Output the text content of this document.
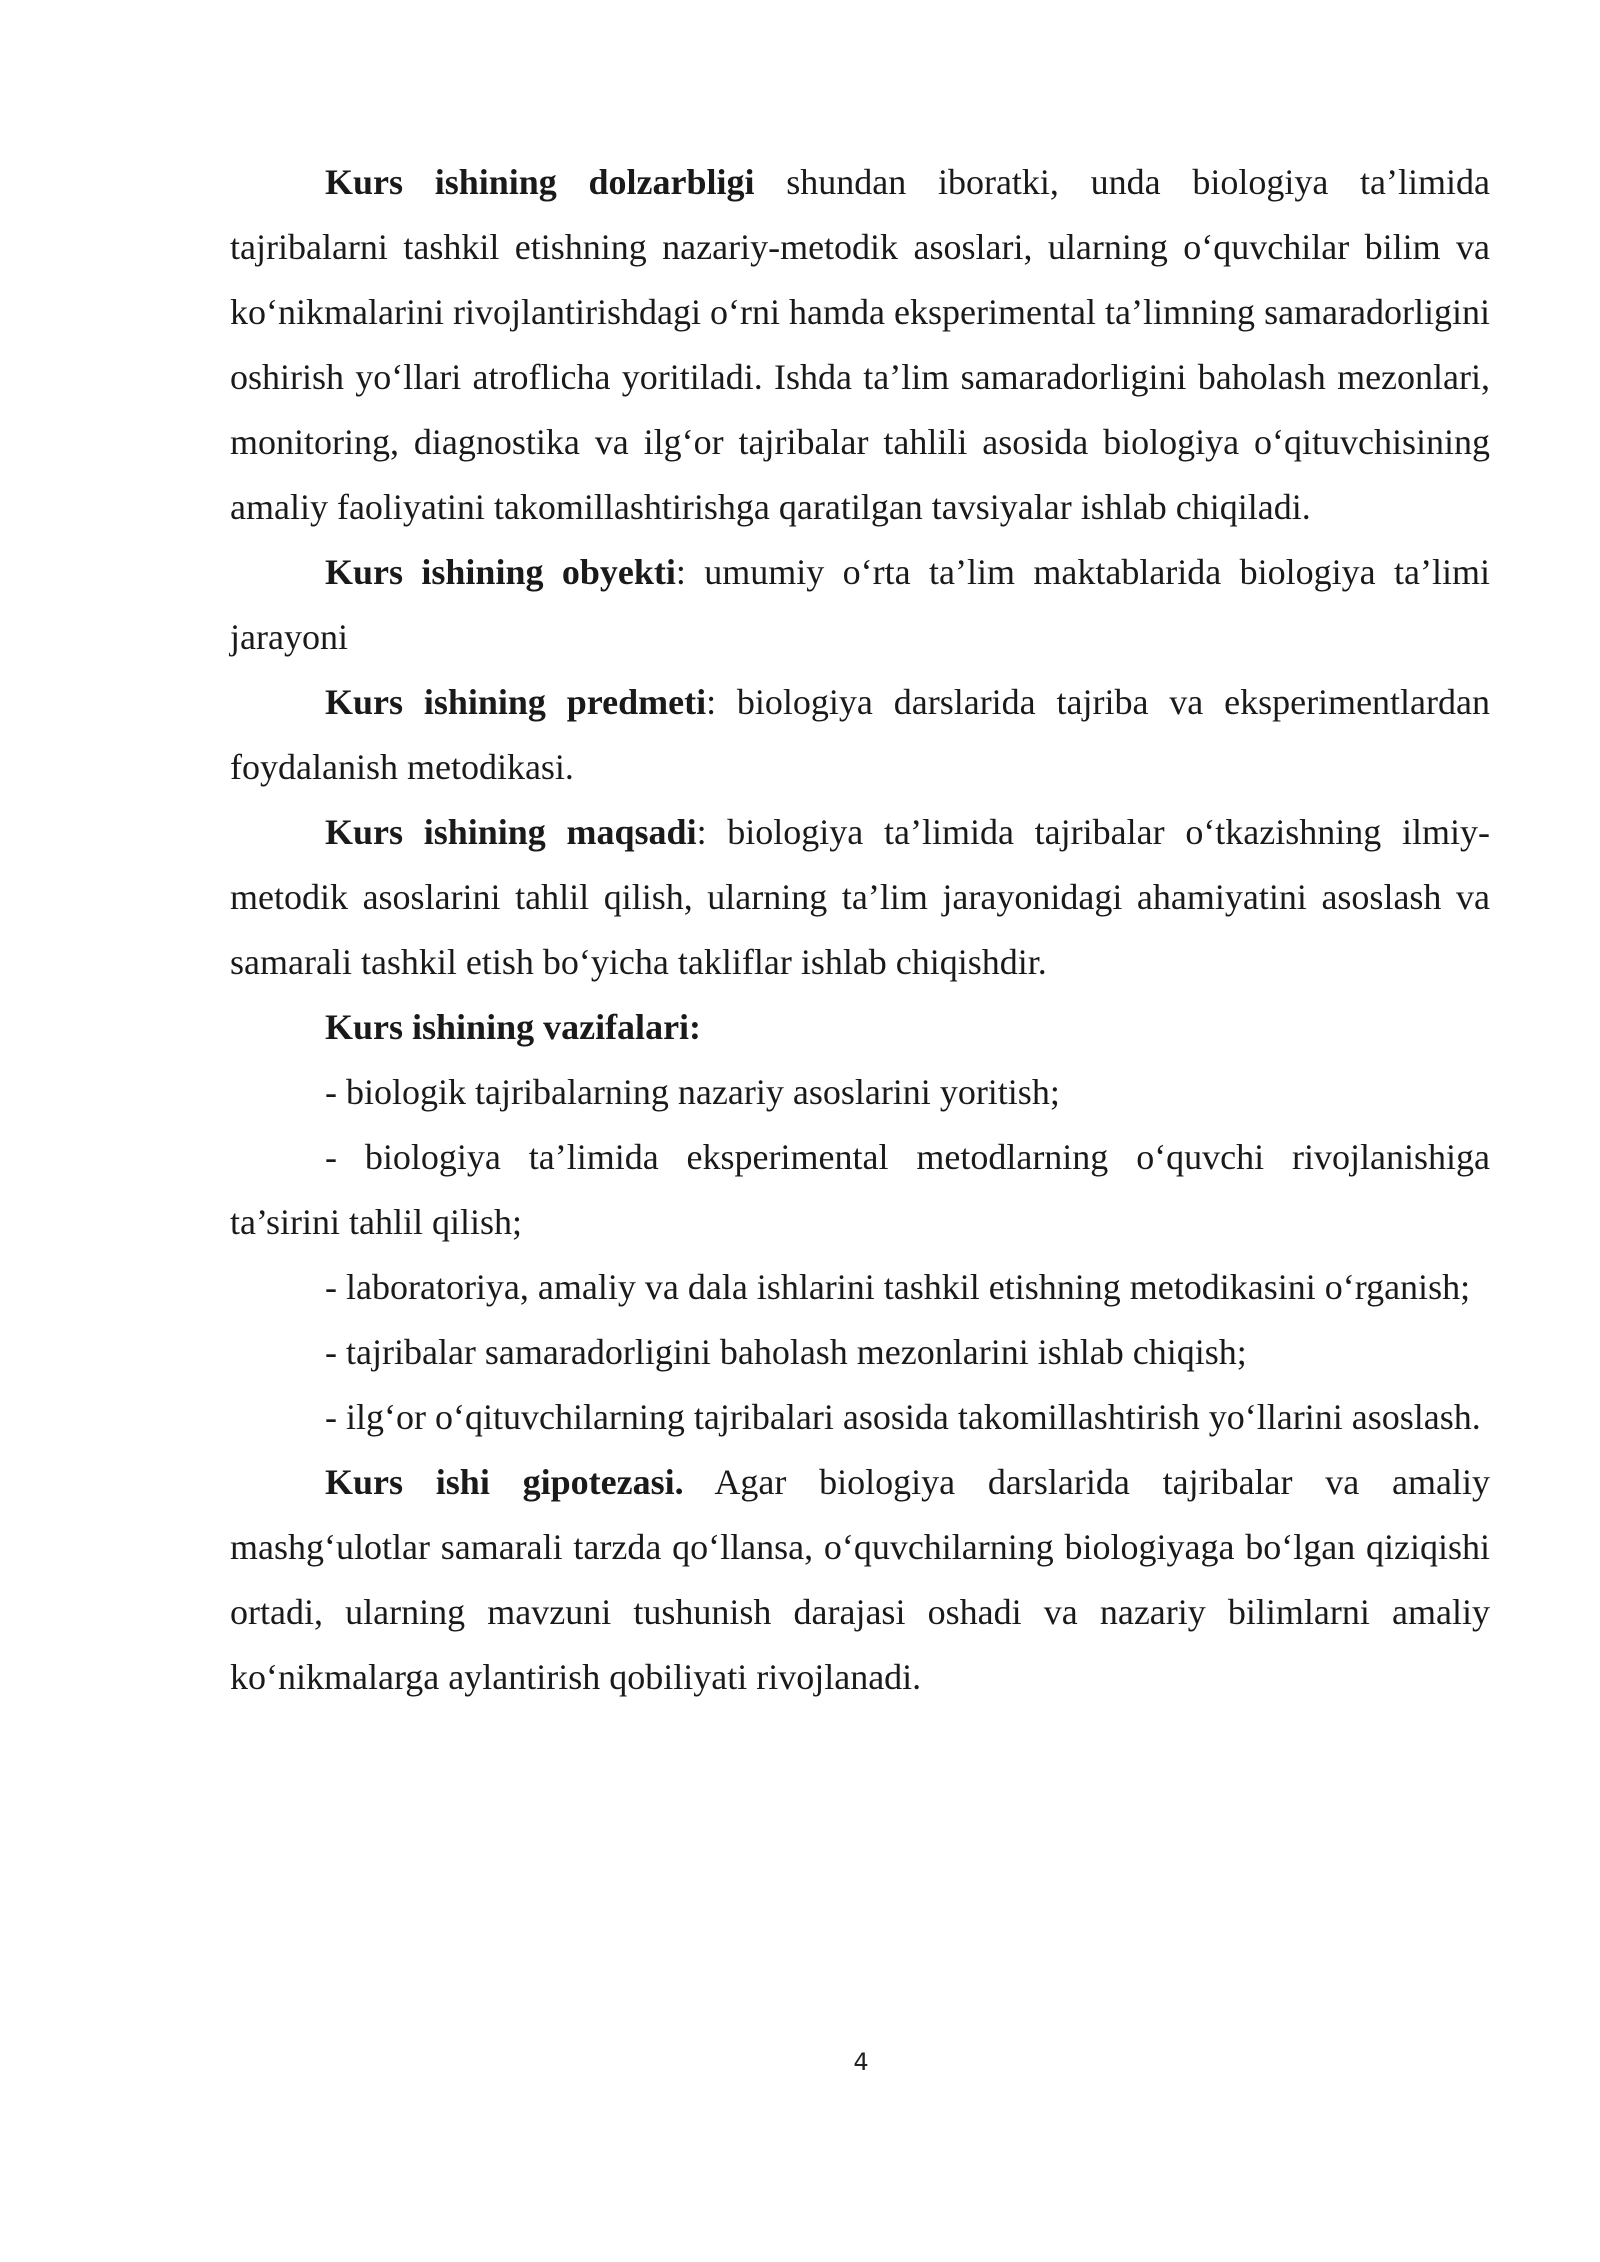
Kurs ishining dolzarbligi shundan iboratki, unda biologiya ta’limida tajribalarni tashkil etishning nazariy-metodik asoslari, ularning o‘quvchilar bilim va ko‘nikmalarini rivojlantirishdagi o‘rni hamda eksperimental ta’limning samaradorligini oshirish yo‘llari atroflicha yoritiladi. Ishda ta’lim samaradorligini baholash mezonlari, monitoring, diagnostika va ilg‘or tajribalar tahlili asosida biologiya o‘qituvchisining amaliy faoliyatini takomillashtirishga qaratilgan tavsiyalar ishlab chiqiladi.

Kurs ishining obyekti: umumiy o‘rta ta’lim maktablarida biologiya ta’limi jarayoni

Kurs ishining predmeti: biologiya darslarida tajriba va eksperimentlardan foydalanish metodikasi.

Kurs ishining maqsadi: biologiya ta’limida tajribalar o‘tkazishning ilmiy-metodik asoslarini tahlil qilish, ularning ta’lim jarayonidagi ahamiyatini asoslash va samarali tashkil etish bo‘yicha takliflar ishlab chiqishdir.

Kurs ishining vazifalari:

- biologik tajribalarning nazariy asoslarini yoritish;

- biologiya ta’limida eksperimental metodlarning o‘quvchi rivojlanishiga ta’sirini tahlil qilish;

- laboratoriya, amaliy va dala ishlarini tashkil etishning metodikasini o‘rganish;

- tajribalar samaradorligini baholash mezonlarini ishlab chiqish;

- ilg‘or o‘qituvchilarning tajribalari asosida takomillashtirish yo‘llarini asoslash.

Kurs ishi gipotezasi. Agar biologiya darslarida tajribalar va amaliy mashg‘ulotlar samarali tarzda qo‘llansa, o‘quvchilarning biologiyaga bo‘lgan qiziqishi ortadi, ularning mavzuni tushunish darajasi oshadi va nazariy bilimlarni amaliy ko‘nikmalarga aylantirish qobiliyati rivojlanadi.

4
